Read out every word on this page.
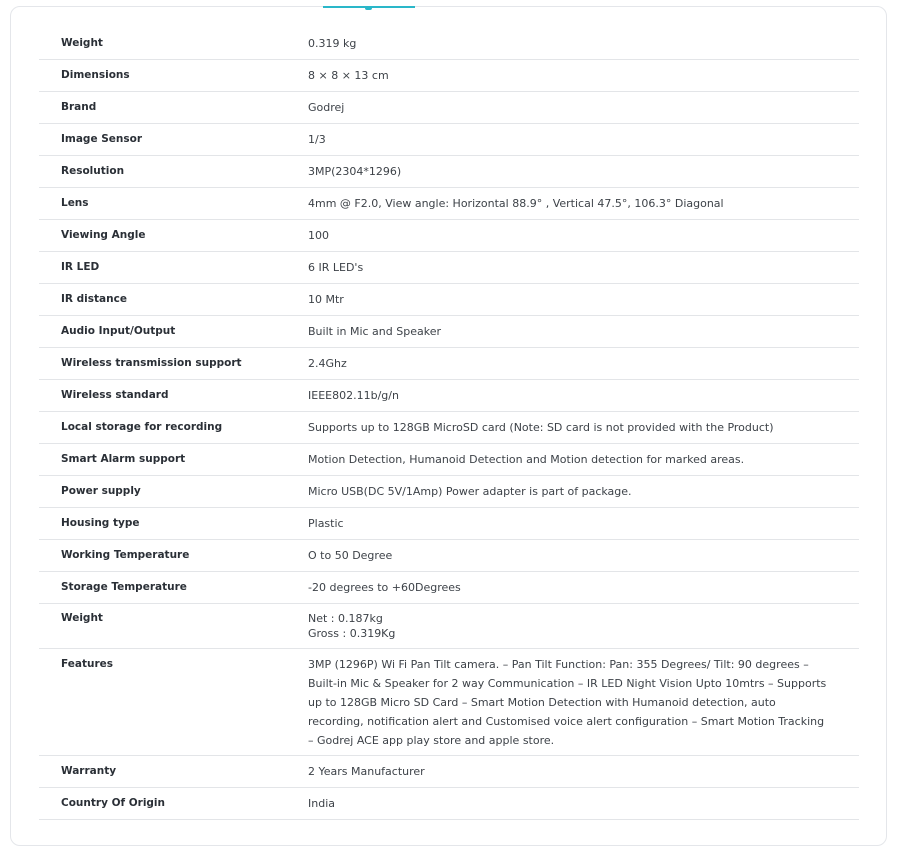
Weight	0.319 kg
Dimensions	8 × 8 × 13 cm
Brand	Godrej
Image Sensor	1/3
Resolution	3MP(2304*1296)
Lens	4mm @ F2.0, View angle: Horizontal 88.9° , Vertical 47.5°, 106.3° Diagonal
Viewing Angle	100
IR LED	6 IR LED's
IR distance	10 Mtr
Audio Input/Output	Built in Mic and Speaker
Wireless transmission support	2.4Ghz
Wireless standard	IEEE802.11b/g/n
Local storage for recording	Supports up to 128GB MicroSD card (Note: SD card is not provided with the Product)
Smart Alarm support	Motion Detection, Humanoid Detection and Motion detection for marked areas.
Power supply	Micro USB(DC 5V/1Amp) Power adapter is part of package.
Housing type	Plastic
Working Temperature	O to 50 Degree
Storage Temperature	-20 degrees to +60Degrees
Weight	Net : 0.187kg
Gross : 0.319Kg

Features	3MP (1296P) Wi Fi Pan Tilt camera. – Pan Tilt Function: Pan: 355 Degrees/ Tilt: 90 degrees – Built-in Mic & Speaker for 2 way Communication – IR LED Night Vision Upto 10mtrs – Supports up to 128GB Micro SD Card – Smart Motion Detection with Humanoid detection, auto recording, notification alert and Customised voice alert configuration – Smart Motion Tracking – Godrej ACE app play store and apple store.
Warranty	2 Years Manufacturer
Country Of Origin	India
